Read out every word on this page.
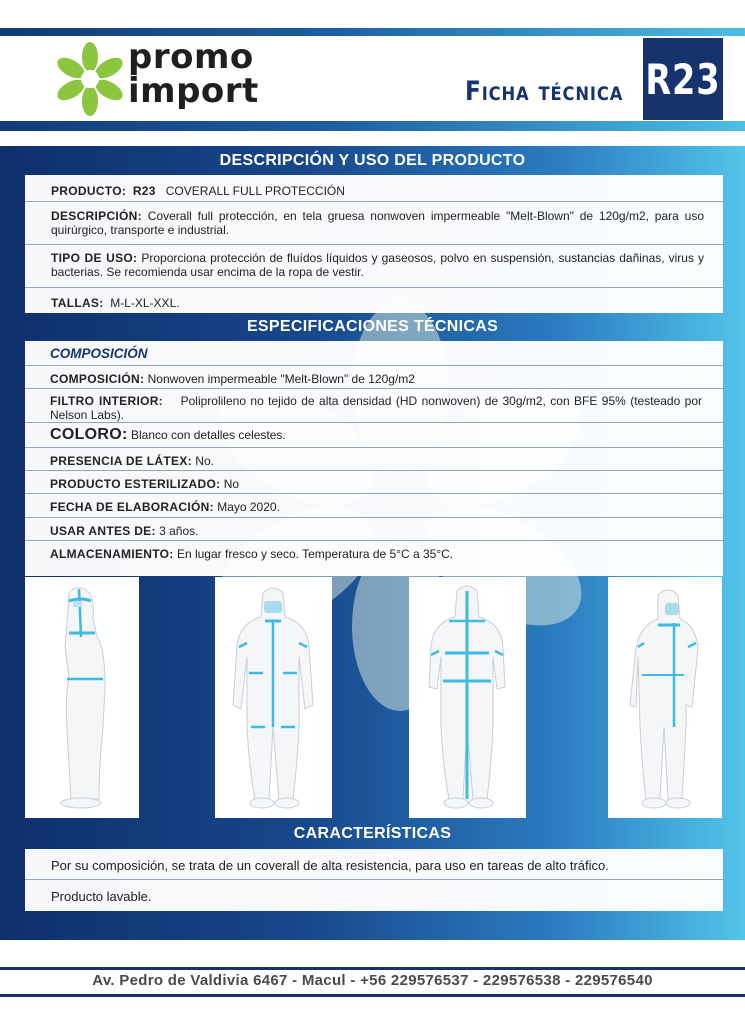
promo
import	Ficha técnica R23
DESCRIPCIÓN Y USO DEL PRODUCTO
PRODUCTO: R23 COVERALL FULL PROTECCIÓN
DESCRIPCIÓN: Coverall full protección, en tela gruesa nonwoven impermeable "Melt-Blown" de 120g/m2, para uso quirúrgico, transporte e industrial.
TIPO DE USO: Proporciona protección de fluídos líquidos y gaseosos, polvo en suspensión, sustancias dañinas, virus y bacterias. Se recomienda usar encima de la ropa de vestir.
TALLAS: M-L-XL-XXL.
ESPECIFICACIONES TÉCNICAS
COMPOSICIÓN
COMPOSICIÓN: Nonwoven impermeable "Melt-Blown" de 120g/m2
FILTRO INTERIOR: Poliprolileno no tejido de alta densidad (HD nonwoven) de 30g/m2, con BFE 95% (testeado por Nelson Labs).
COLORO: Blanco con detalles celestes.
PRESENCIA DE LÁTEX: No.
PRODUCTO ESTERILIZADO: No
FECHA DE ELABORACIÓN: Mayo 2020.
USAR ANTES DE: 3 años.
ALMACENAMIENTO: En lugar fresco y seco. Temperatura de 5°C a 35°C.
CARACTERÍSTICAS
Por su composición, se trata de un coverall de alta resistencia, para uso en tareas de alto tráfico.
Producto lavable.
Av. Pedro de Valdivia 6467 - Macul - +56 229576537 - 229576538 - 229576540
